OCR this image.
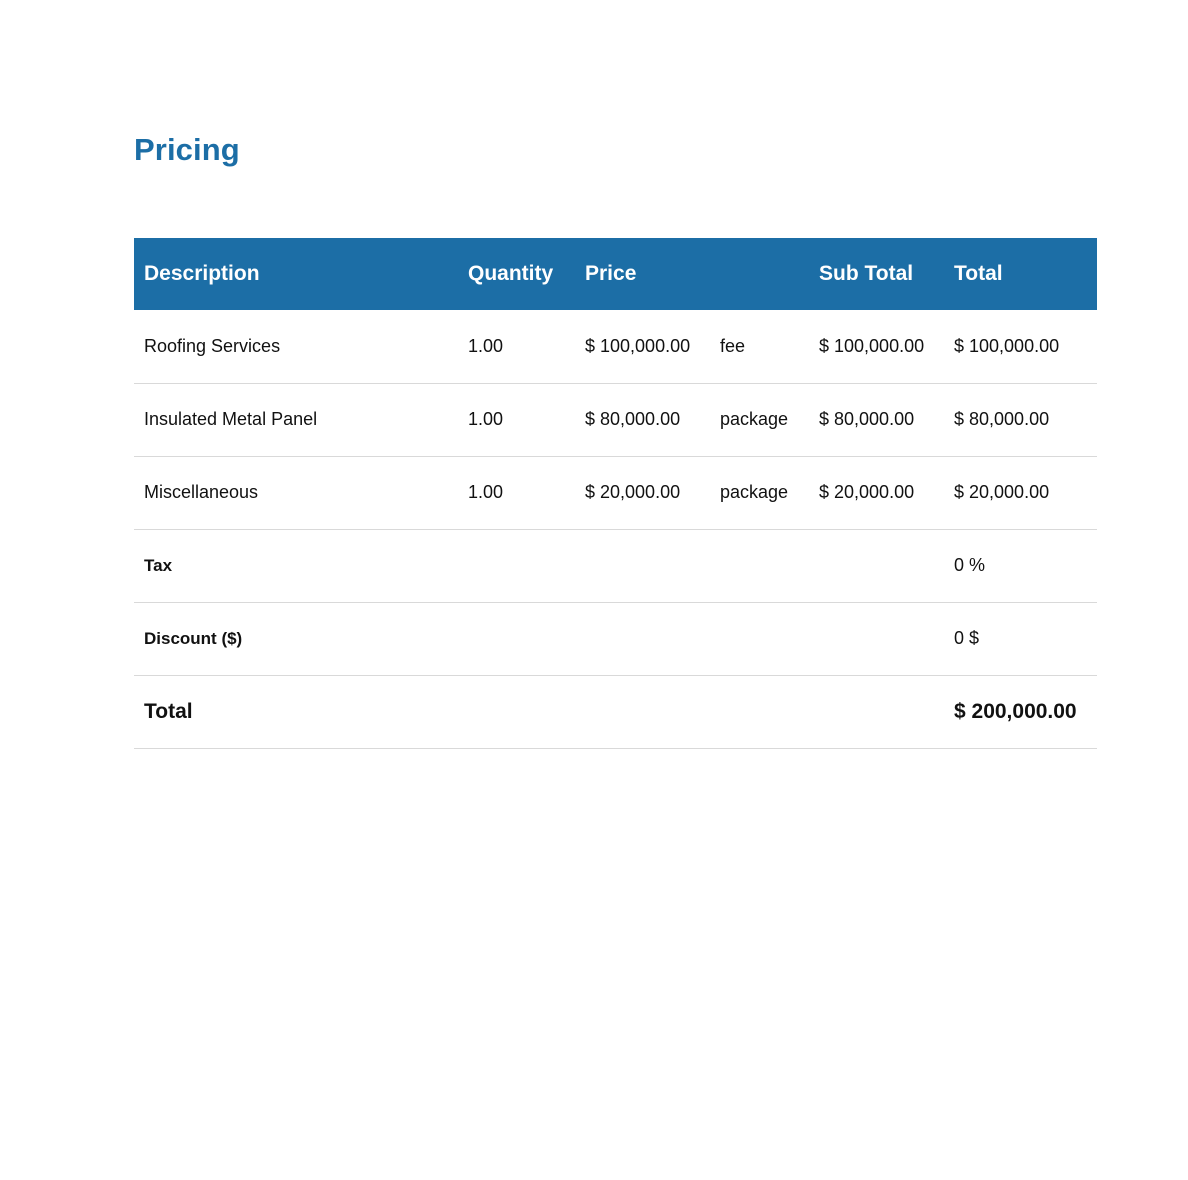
Pricing
Description	Quantity	Price		Sub Total	Total
Roofing Services	1.00	$ 100,000.00	fee	$ 100,000.00	$ 100,000.00
Insulated Metal Panel	1.00	$ 80,000.00	package	$ 80,000.00	$ 80,000.00
Miscellaneous	1.00	$ 20,000.00	package	$ 20,000.00	$ 20,000.00
Tax					0 %
Discount ($)					0 $
Total					$ 200,000.00
